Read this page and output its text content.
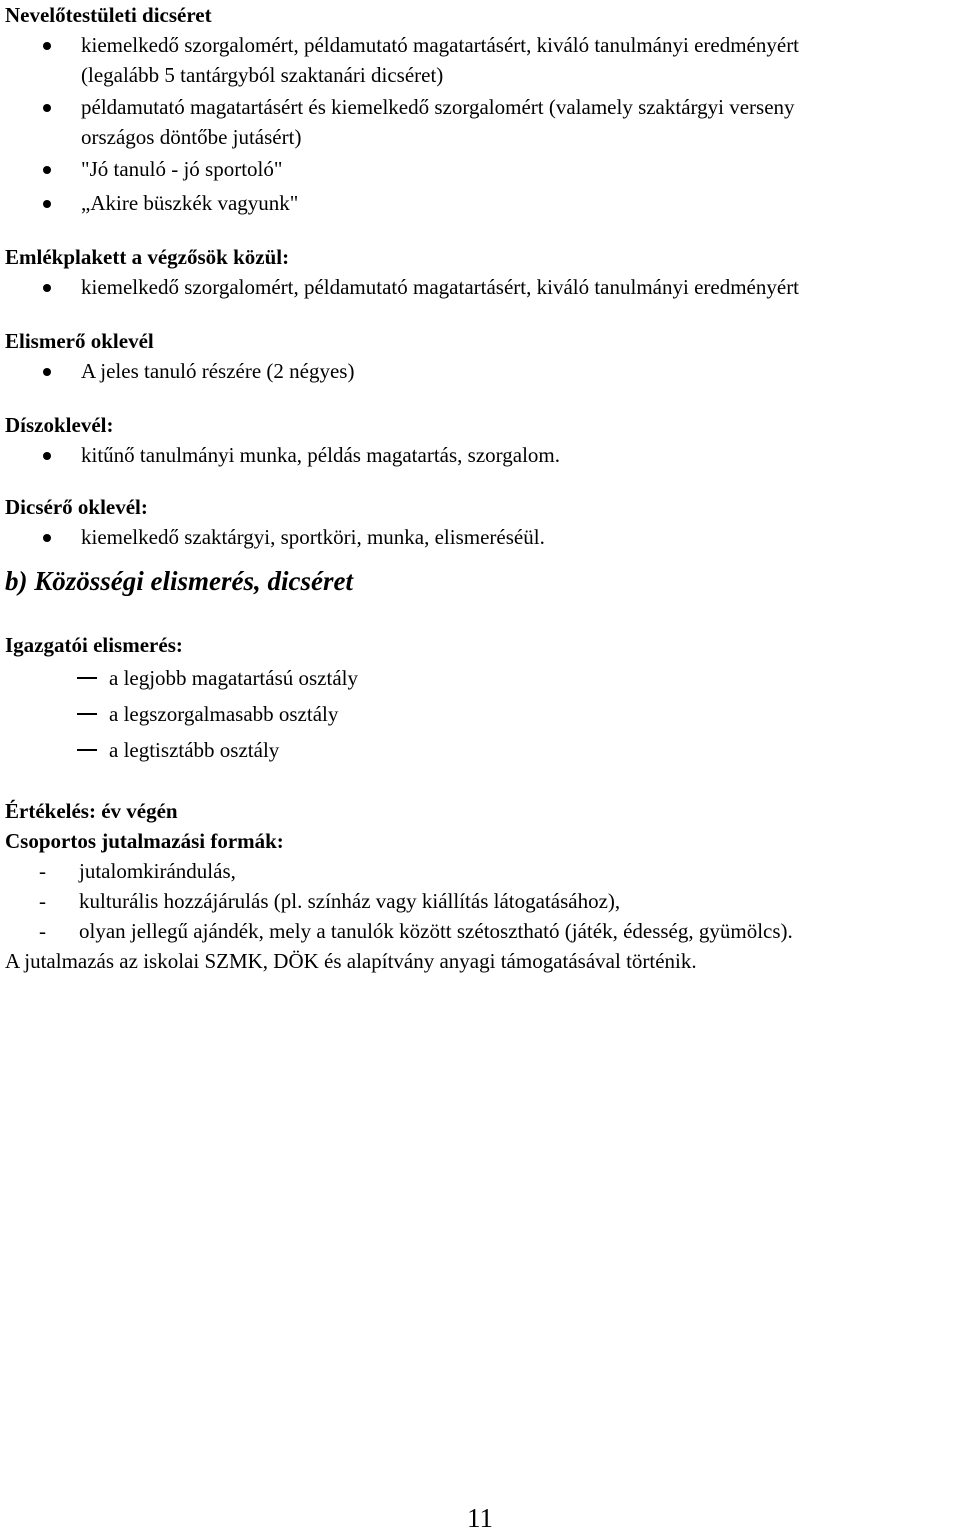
Nevelőtestületi dicséret

kiemelkedő szorgalomért, példamutató magatartásért, kiváló tanulmányi eredményért
(legalább 5 tantárgyból szaktanári dicséret)
példamutató magatartásért és kiemelkedő szorgalomért (valamely szaktárgyi verseny
országos döntőbe jutásért)
"Jó tanuló - jó sportoló"
„Akire büszkék vagyunk"

Emlékplakett a végzősök közül:

kiemelkedő szorgalomért, példamutató magatartásért, kiváló tanulmányi eredményért

Elismerő oklevél

A jeles tanuló részére (2 négyes)

Díszoklevél:

kitűnő tanulmányi munka, példás magatartás, szorgalom.

Dicsérő oklevél:

kiemelkedő szaktárgyi, sportköri, munka, elismeréséül.

b) Közösségi elismerés, dicséret

Igazgatói elismerés:

a legjobb magatartású osztály
a legszorgalmasabb osztály
a legtisztább osztály

Értékelés: év végén

Csoportos jutalmazási formák:

- jutalomkirándulás,
- kulturális hozzájárulás (pl. színház vagy kiállítás látogatásához),
- olyan jellegű ajándék, mely a tanulók között szétosztható (játék, édesség, gyümölcs).

A jutalmazás az iskolai SZMK, DÖK és alapítvány anyagi támogatásával történik.

11
